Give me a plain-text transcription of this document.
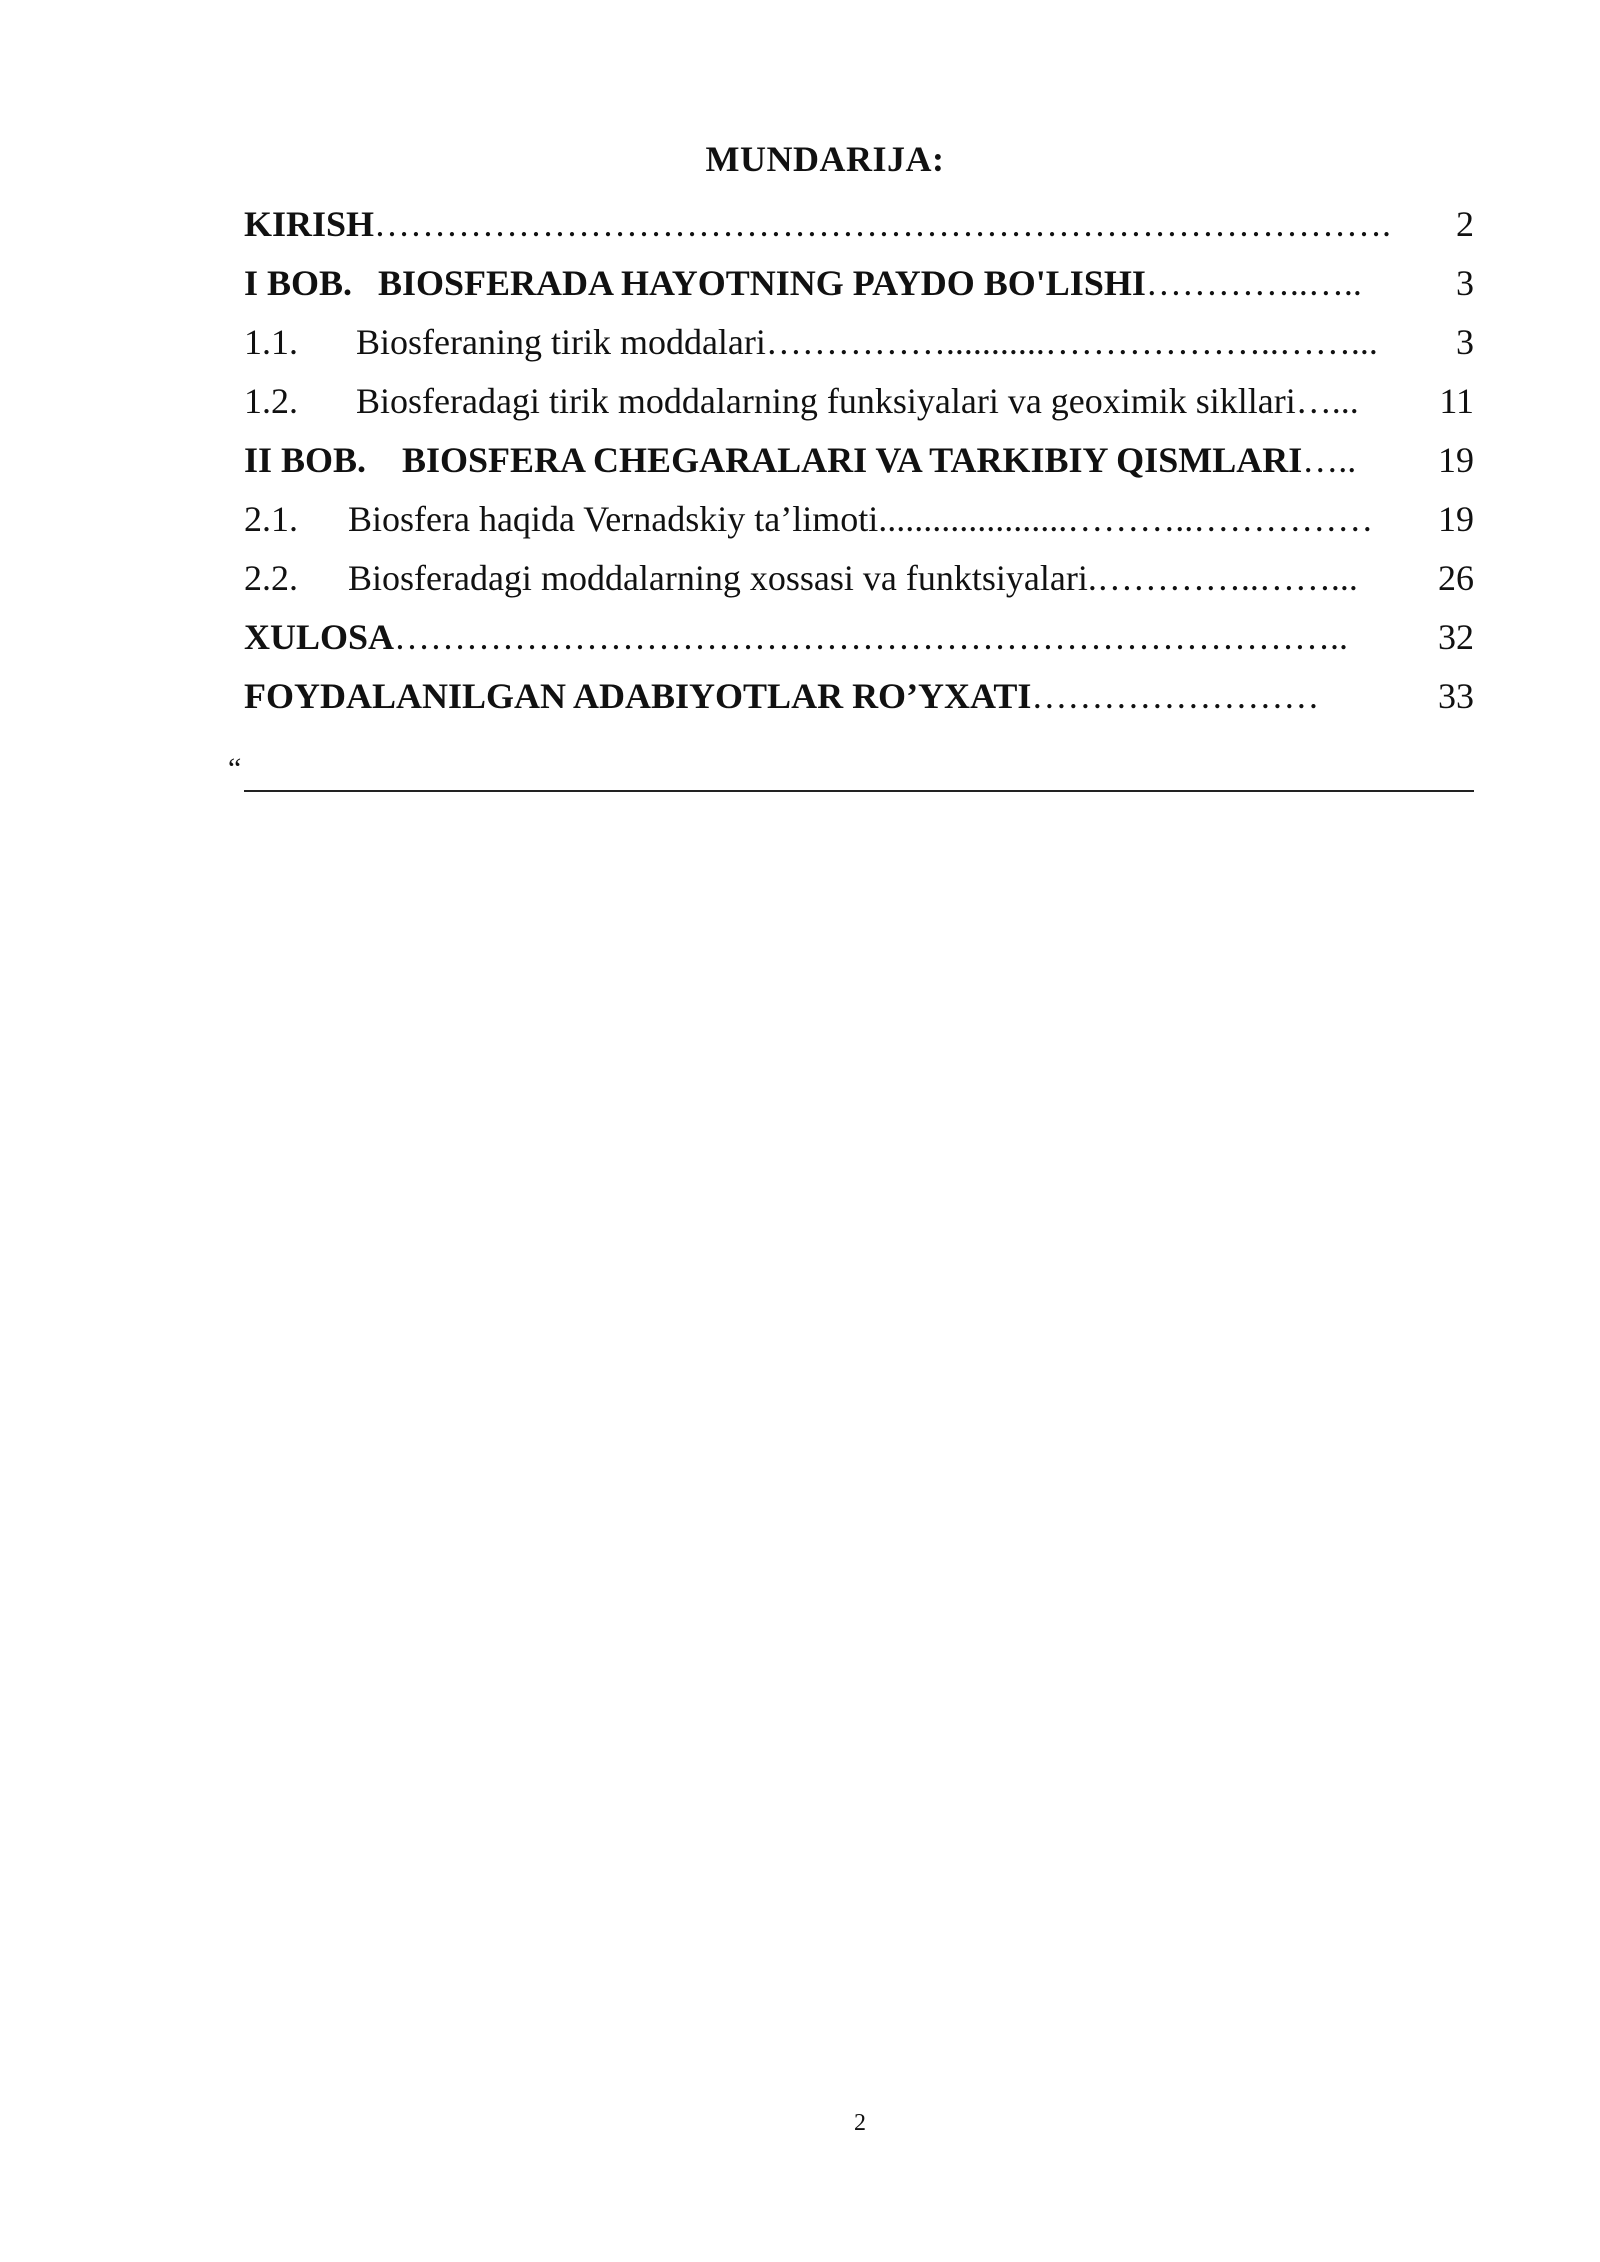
MUNDARIJA:
KIRISH…………………………………………………………………………. 2
I BOB. BIOSFERADA HAYOTNING PAYDO BO'LISHI…………..…..	3
1.1. Biosferaning tirik moddalari……………...........………………..……... 3
1.2. Biosferadagi tirik moddalarning funksiyalari va geoximik sikllari…... 11
II BOB. BIOSFERA CHEGARALARI VA TARKIBIY QISMLARI….. 19
2.1. Biosfera haqida Vernadskiy ta’limoti.....................………..…………… 19
2.2. Biosferadagi moddalarning xossasi va funktsiyalari.…………..……... 26
XULOSA…………………………………………………………………….. 32
FOYDALANILGAN ADABIYOTLAR RO’YXATI……………………	33
“
2
